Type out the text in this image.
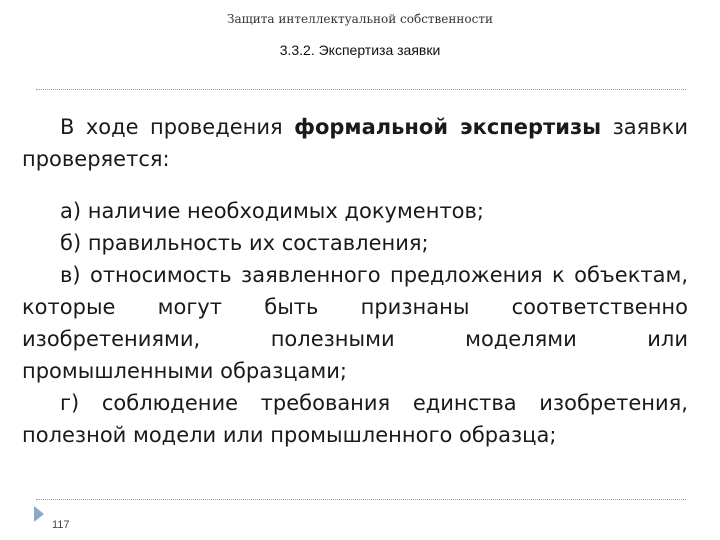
Защита интеллектуальной собственности
3.3.2. Экспертиза заявки

В ходе проведения формальной экспертизы заявки проверяется:

а) наличие необходимых документов;

б) правильность их составления;

в) относимость заявленного предложения к объектам, которые могут быть признаны соответственно изобретениями, полезными моделями или промышленными образцами;

г) соблюдение требования единства изобретения, полезной модели или промышленного образца;

117
